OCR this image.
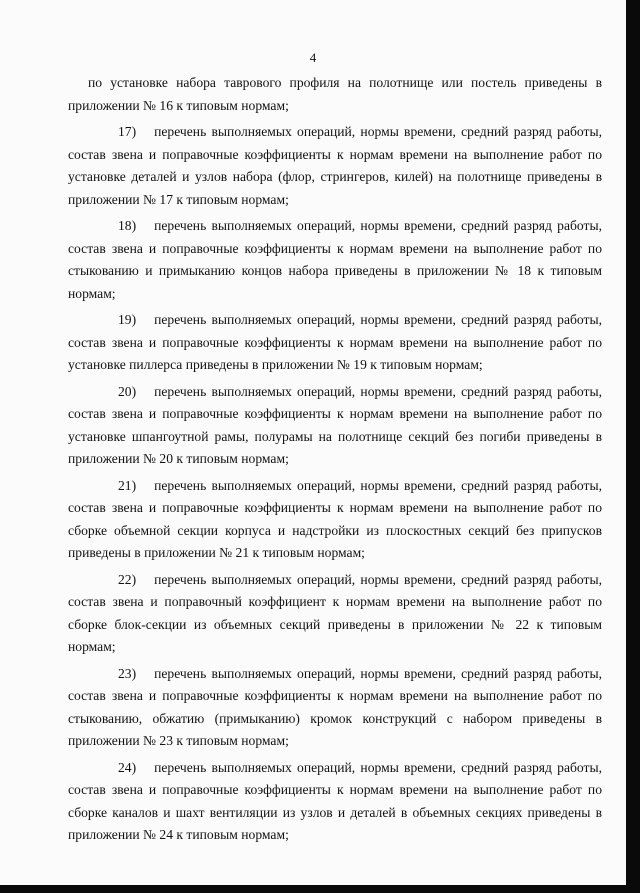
4

по установке набора таврового профиля на полотнище или постель приведены в приложении № 16 к типовым нормам;

17) перечень выполняемых операций, нормы времени, средний разряд работы, состав звена и поправочные коэффициенты к нормам времени на выполнение работ по установке деталей и узлов набора (флор, стрингеров, килей) на полотнище приведены в приложении № 17 к типовым нормам;

18) перечень выполняемых операций, нормы времени, средний разряд работы, состав звена и поправочные коэффициенты к нормам времени на выполнение работ по стыкованию и примыканию концов набора приведены в приложении № 18 к типовым нормам;

19) перечень выполняемых операций, нормы времени, средний разряд работы, состав звена и поправочные коэффициенты к нормам времени на выполнение работ по установке пиллерса приведены в приложении № 19 к типовым нормам;

20) перечень выполняемых операций, нормы времени, средний разряд работы, состав звена и поправочные коэффициенты к нормам времени на выполнение работ по установке шпангоутной рамы, полурамы на полотнище секций без погиби приведены в приложении № 20 к типовым нормам;

21) перечень выполняемых операций, нормы времени, средний разряд работы, состав звена и поправочные коэффициенты к нормам времени на выполнение работ по сборке объемной секции корпуса и надстройки из плоскостных секций без припусков приведены в приложении № 21 к типовым нормам;

22) перечень выполняемых операций, нормы времени, средний разряд работы, состав звена и поправочный коэффициент к нормам времени на выполнение работ по сборке блок-секции из объемных секций приведены в приложении № 22 к типовым нормам;

23) перечень выполняемых операций, нормы времени, средний разряд работы, состав звена и поправочные коэффициенты к нормам времени на выполнение работ по стыкованию, обжатию (примыканию) кромок конструкций с набором приведены в приложении № 23 к типовым нормам;

24) перечень выполняемых операций, нормы времени, средний разряд работы, состав звена и поправочные коэффициенты к нормам времени на выполнение работ по сборке каналов и шахт вентиляции из узлов и деталей в объемных секциях приведены в приложении № 24 к типовым нормам;
